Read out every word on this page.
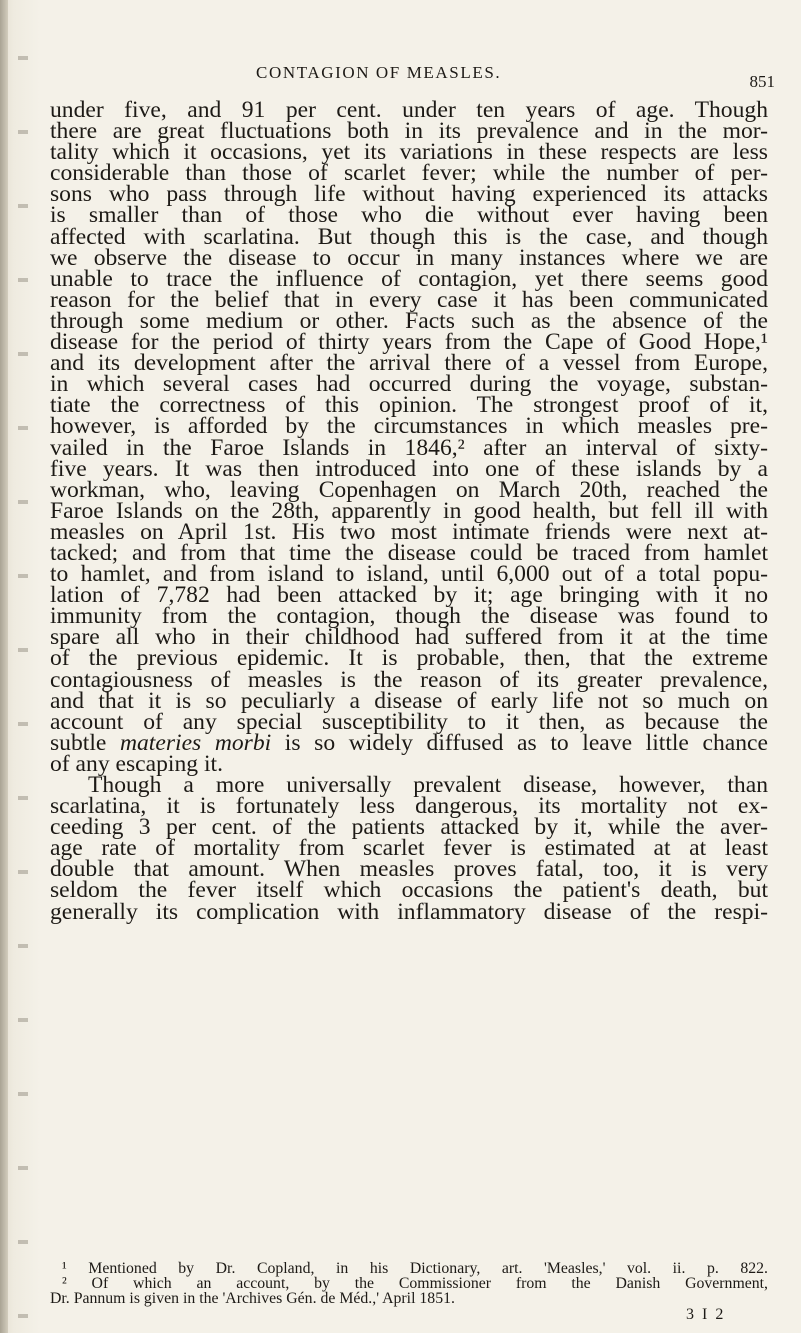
CONTAGION OF MEASLES.	851
under five, and 91 per cent. under ten years of age. Though
there are great fluctuations both in its prevalence and in the mor-
tality which it occasions, yet its variations in these respects are less
considerable than those of scarlet fever; while the number of per-
sons who pass through life without having experienced its attacks
is smaller than of those who die without ever having been
affected with scarlatina. But though this is the case, and though
we observe the disease to occur in many instances where we are
unable to trace the influence of contagion, yet there seems good
reason for the belief that in every case it has been communicated
through some medium or other. Facts such as the absence of the
disease for the period of thirty years from the Cape of Good Hope,¹
and its development after the arrival there of a vessel from Europe,
in which several cases had occurred during the voyage, substan-
tiate the correctness of this opinion. The strongest proof of it,
however, is afforded by the circumstances in which measles pre-
vailed in the Faroe Islands in 1846,² after an interval of sixty-
five years. It was then introduced into one of these islands by a
workman, who, leaving Copenhagen on March 20th, reached the
Faroe Islands on the 28th, apparently in good health, but fell ill with
measles on April 1st. His two most intimate friends were next at-
tacked; and from that time the disease could be traced from hamlet
to hamlet, and from island to island, until 6,000 out of a total popu-
lation of 7,782 had been attacked by it; age bringing with it no
immunity from the contagion, though the disease was found to
spare all who in their childhood had suffered from it at the time
of the previous epidemic. It is probable, then, that the extreme
contagiousness of measles is the reason of its greater prevalence,
and that it is so peculiarly a disease of early life not so much on
account of any special susceptibility to it then, as because the
subtle materies morbi is so widely diffused as to leave little chance
of any escaping it.
Though a more universally prevalent disease, however, than
scarlatina, it is fortunately less dangerous, its mortality not ex-
ceeding 3 per cent. of the patients attacked by it, while the aver-
age rate of mortality from scarlet fever is estimated at at least
double that amount. When measles proves fatal, too, it is very
seldom the fever itself which occasions the patient's death, but
generally its complication with inflammatory disease of the respi-
¹ Mentioned by Dr. Copland, in his Dictionary, art. 'Measles,' vol. ii. p. 822.
² Of which an account, by the Commissioner from the Danish Government,
Dr. Pannum is given in the 'Archives Gén. de Méd.,' April 1851.
3 I 2
